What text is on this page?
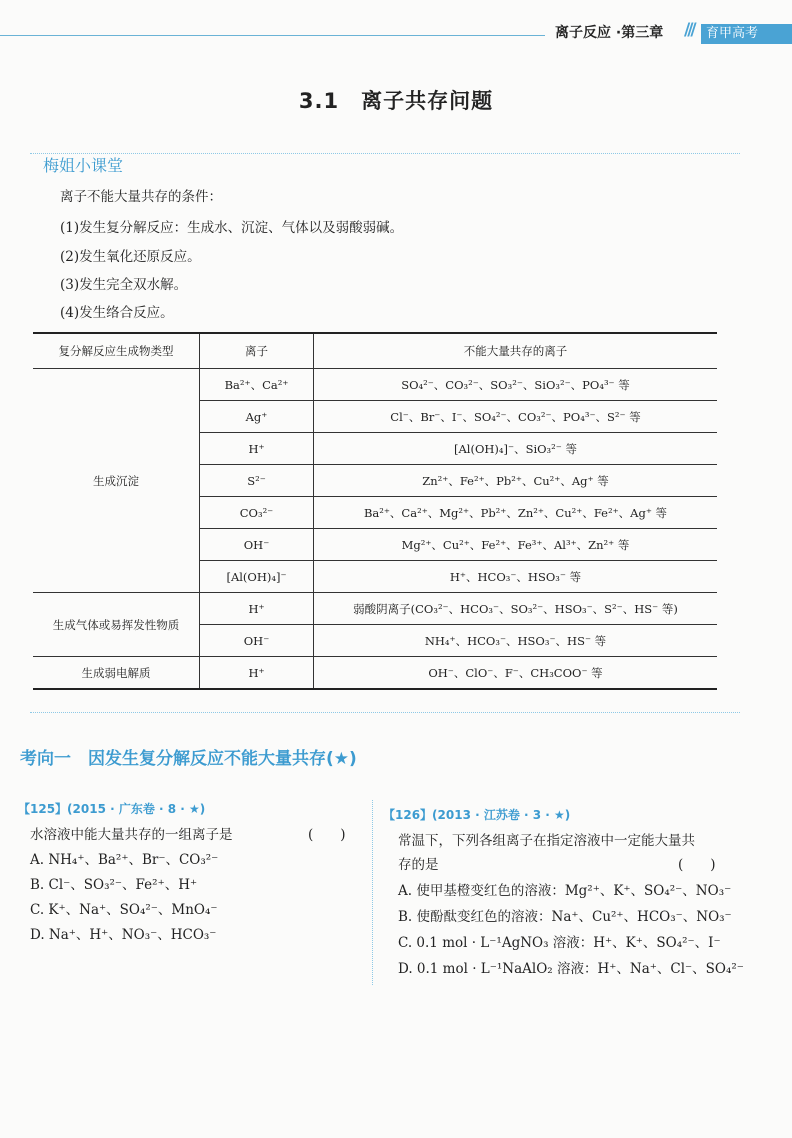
离子反应 ·第三章 /// 育甲高考
3.1　离子共存问题
梅姐小课堂
离子不能大量共存的条件：
(1)发生复分解反应：生成水、沉淀、气体以及弱酸弱碱。
(2)发生氧化还原反应。
(3)发生完全双水解。
(4)发生络合反应。
复分解反应生成物类型	离子	不能大量共存的离子
生成沉淀	Ba²⁺、Ca²⁺	SO₄²⁻、CO₃²⁻、SO₃²⁻、SiO₃²⁻、PO₄³⁻ 等
	Ag⁺	Cl⁻、Br⁻、I⁻、SO₄²⁻、CO₃²⁻、PO₄³⁻、S²⁻ 等
	H⁺	[Al(OH)₄]⁻、SiO₃²⁻ 等
	S²⁻	Zn²⁺、Fe²⁺、Pb²⁺、Cu²⁺、Ag⁺ 等
	CO₃²⁻	Ba²⁺、Ca²⁺、Mg²⁺、Pb²⁺、Zn²⁺、Cu²⁺、Fe²⁺、Ag⁺ 等
	OH⁻	Mg²⁺、Cu²⁺、Fe²⁺、Fe³⁺、Al³⁺、Zn²⁺ 等
	[Al(OH)₄]⁻	H⁺、HCO₃⁻、HSO₃⁻ 等
生成气体或易挥发性物质	H⁺	弱酸阴离子(CO₃²⁻、HCO₃⁻、SO₃²⁻、HSO₃⁻、S²⁻、HS⁻ 等)
	OH⁻	NH₄⁺、HCO₃⁻、HSO₃⁻、HS⁻ 等
生成弱电解质	H⁺	OH⁻、ClO⁻、F⁻、CH₃COO⁻ 等
考向一　因发生复分解反应不能大量共存(★)
【125】(2015 · 广东卷 · 8 · ★)
水溶液中能大量共存的一组离子是	(　　)
A. NH₄⁺、Ba²⁺、Br⁻、CO₃²⁻
B. Cl⁻、SO₃²⁻、Fe²⁺、H⁺
C. K⁺、Na⁺、SO₄²⁻、MnO₄⁻
D. Na⁺、H⁺、NO₃⁻、HCO₃⁻
【126】(2013 · 江苏卷 · 3 · ★)
常温下，下列各组离子在指定溶液中一定能大量共
存的是	(　　)
A. 使甲基橙变红色的溶液：Mg²⁺、K⁺、SO₄²⁻、NO₃⁻
B. 使酚酞变红色的溶液：Na⁺、Cu²⁺、HCO₃⁻、NO₃⁻
C. 0.1 mol · L⁻¹AgNO₃ 溶液：H⁺、K⁺、SO₄²⁻、I⁻
D. 0.1 mol · L⁻¹NaAlO₂ 溶液：H⁺、Na⁺、Cl⁻、SO₄²⁻
